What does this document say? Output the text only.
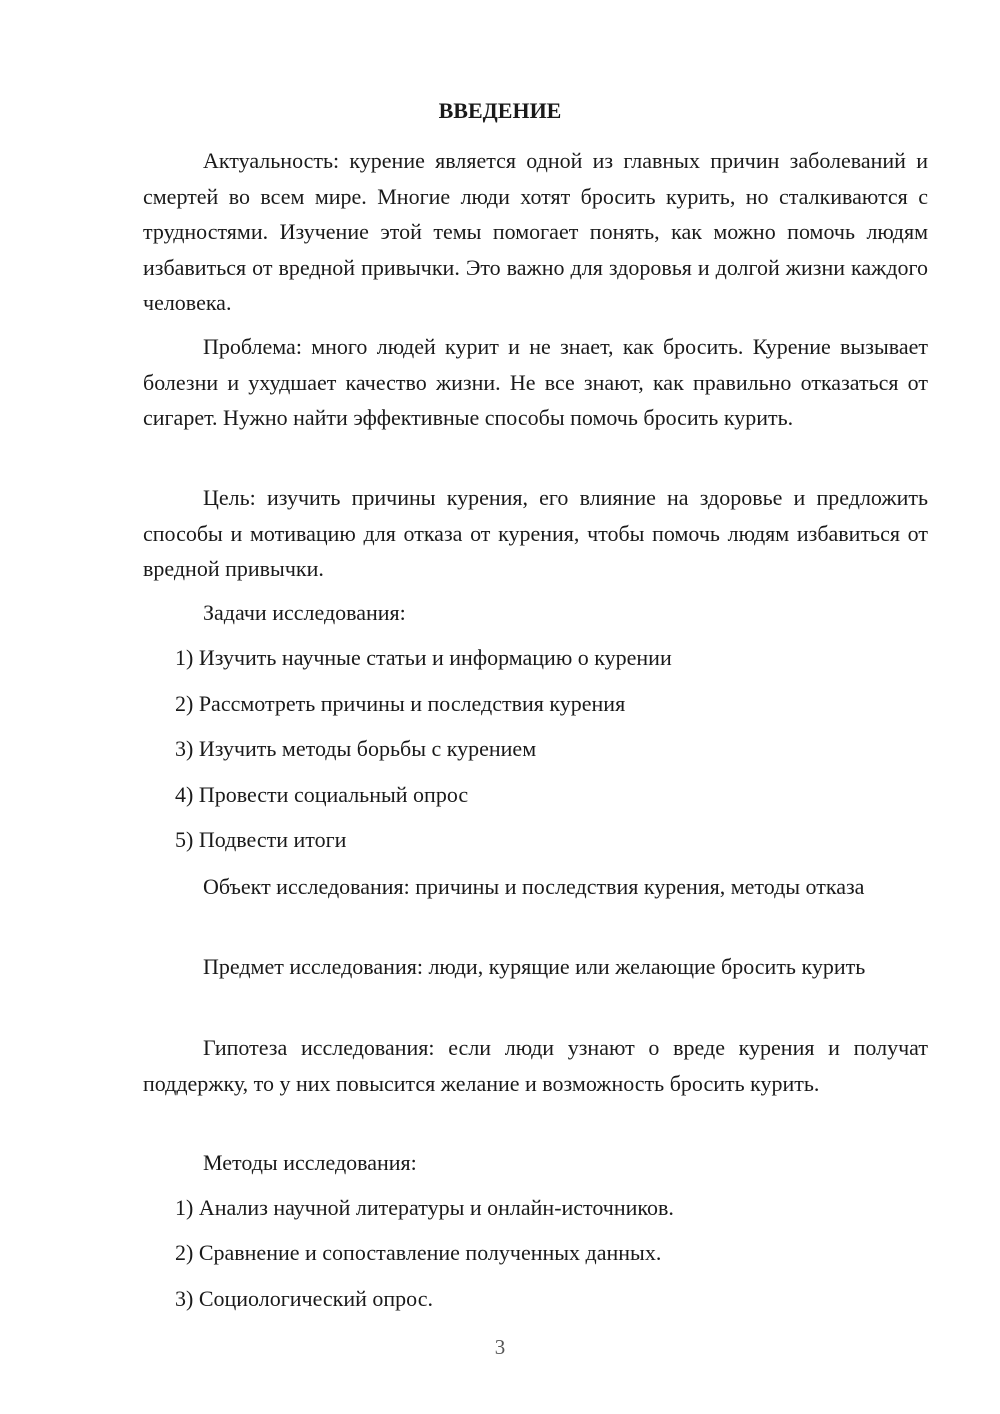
ВВЕДЕНИЕ

Актуальность: курение является одной из главных причин заболеваний и смертей во всем мире. Многие люди хотят бросить курить, но сталкиваются с трудностями. Изучение этой темы помогает понять, как можно помочь людям избавиться от вредной привычки. Это важно для здоровья и долгой жизни каждого человека.

Проблема: много людей курит и не знает, как бросить. Курение вызывает болезни и ухудшает качество жизни. Не все знают, как правильно отказаться от сигарет. Нужно найти эффективные способы помочь бросить курить.

Цель: изучить причины курения, его влияние на здоровье и предложить способы и мотивацию для отказа от курения, чтобы помочь людям избавиться от вредной привычки.

Задачи исследования:
1) Изучить научные статьи и информацию о курении
2) Рассмотреть причины и последствия курения
3) Изучить методы борьбы с курением
4) Провести социальный опрос
5) Подвести итоги

Объект исследования: причины и последствия курения, методы отказа

Предмет исследования: люди, курящие или желающие бросить курить

Гипотеза исследования: если люди узнают о вреде курения и получат поддержку, то у них повысится желание и возможность бросить курить.

Методы исследования:
1) Анализ научной литературы и онлайн-источников.
2) Сравнение и сопоставление полученных данных.
3) Социологический опрос.
3
